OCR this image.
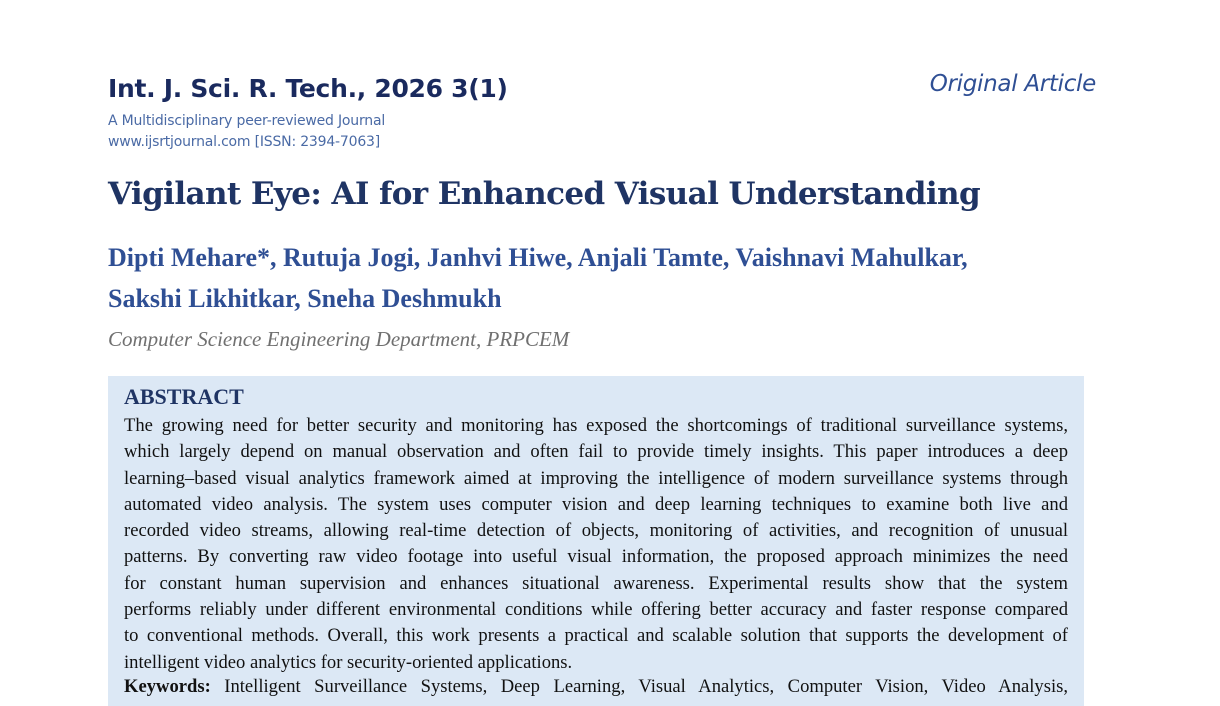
Int. J. Sci. R. Tech., 2026 3(1)
A Multidisciplinary peer-reviewed Journal
www.ijsrtjournal.com [ISSN: 2394-7063]
Original Article
Vigilant Eye: AI for Enhanced Visual Understanding
Dipti Mehare*, Rutuja Jogi, Janhvi Hiwe, Anjali Tamte, Vaishnavi Mahulkar,
Sakshi Likhitkar, Sneha Deshmukh
Computer Science Engineering Department, PRPCEM
ABSTRACT
The growing need for better security and monitoring has exposed the shortcomings of traditional surveillance systems,
which largely depend on manual observation and often fail to provide timely insights. This paper introduces a deep
learning–based visual analytics framework aimed at improving the intelligence of modern surveillance systems through
automated video analysis. The system uses computer vision and deep learning techniques to examine both live and
recorded video streams, allowing real-time detection of objects, monitoring of activities, and recognition of unusual
patterns. By converting raw video footage into useful visual information, the proposed approach minimizes the need
for constant human supervision and enhances situational awareness. Experimental results show that the system
performs reliably under different environmental conditions while offering better accuracy and faster response compared
to conventional methods. Overall, this work presents a practical and scalable solution that supports the development of
intelligent video analytics for security-oriented applications.
Keywords: Intelligent Surveillance Systems, Deep Learning, Visual Analytics, Computer Vision, Video Analysis,
